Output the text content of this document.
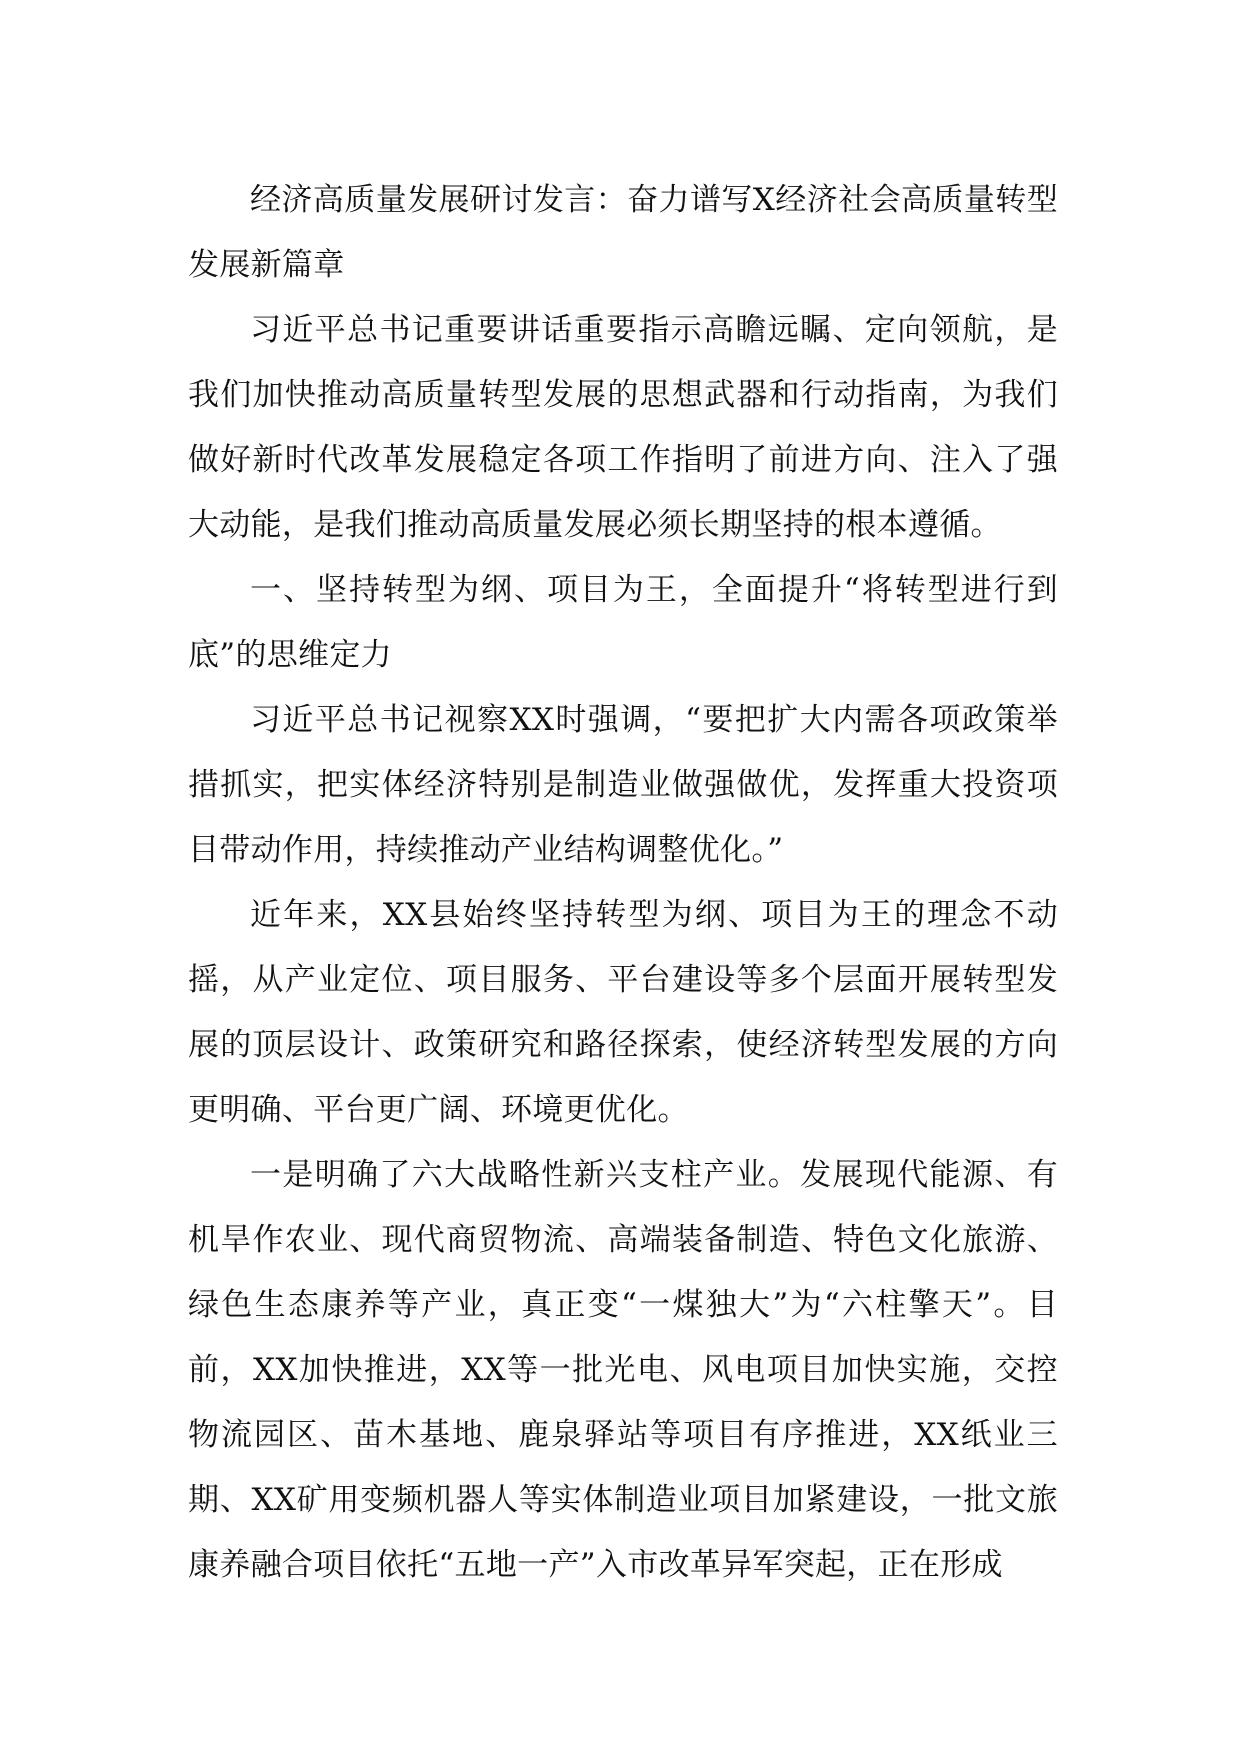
经济高质量发展研讨发言：奋力谱写X经济社会高质量转型发展新篇章

习近平总书记重要讲话重要指示高瞻远瞩、定向领航，是我们加快推动高质量转型发展的思想武器和行动指南，为我们做好新时代改革发展稳定各项工作指明了前进方向、注入了强大动能，是我们推动高质量发展必须长期坚持的根本遵循。

一、坚持转型为纲、项目为王，全面提升“将转型进行到底”的思维定力

习近平总书记视察XX时强调，“要把扩大内需各项政策举措抓实，把实体经济特别是制造业做强做优，发挥重大投资项目带动作用，持续推动产业结构调整优化。”

近年来，XX县始终坚持转型为纲、项目为王的理念不动摇，从产业定位、项目服务、平台建设等多个层面开展转型发展的顶层设计、政策研究和路径探索，使经济转型发展的方向更明确、平台更广阔、环境更优化。

一是明确了六大战略性新兴支柱产业。发展现代能源、有机旱作农业、现代商贸物流、高端装备制造、特色文化旅游、绿色生态康养等产业，真正变“一煤独大”为“六柱擎天”。目前，XX加快推进，XX等一批光电、风电项目加快实施，交控物流园区、苗木基地、鹿泉驿站等项目有序推进，XX纸业三期、XX矿用变频机器人等实体制造业项目加紧建设，一批文旅康养融合项目依托“五地一产”入市改革异军突起，正在形成
